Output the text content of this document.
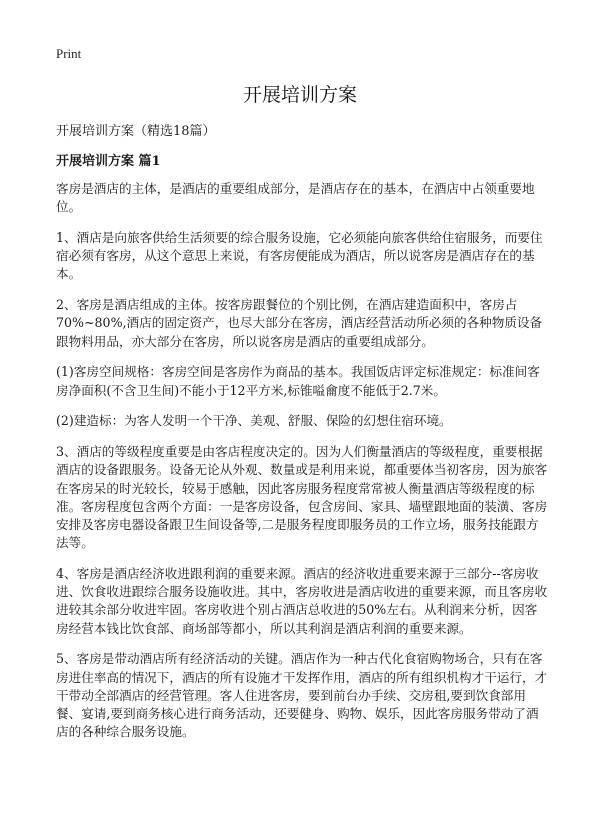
Print
开展培训方案
开展培训方案（精选18篇）
开展培训方案 篇1

客房是酒店的主体，是酒店的重要组成部分，是酒店存在的基本，在酒店中占领重要地位。

1、酒店是向旅客供给生活须要的综合服务设施，它必须能向旅客供给住宿服务，而要住宿必须有客房，从这个意思上来说，有客房便能成为酒店，所以说客房是酒店存在的基本。

2、客房是酒店组成的主体。按客房跟餐位的个别比例，在酒店建造面积中，客房占70%~80%,酒店的固定资产，也尽大部分在客房，酒店经营活动所必须的各种物质设备跟物料用品，亦大部分在客房，所以说客房是酒店的重要组成部分。

(1)客房空间规格：客房空间是客房作为商品的基本。我国饭店评定标准规定：标准间客房净面积(不含卫生间)不能小于12平方米,标锥嗌龠度不能低于2.7米。

(2)建造标：为客人发明一个干净、美观、舒服、保险的幻想住宿环境。

3、酒店的等级程度重要是由客店程度决定的。因为人们衡量酒店的等级程度，重要根据酒店的设备跟服务。设备无论从外观、数量或是利用来说，都重要体当初客房，因为旅客在客房呆的时光较长，较易于感触，因此客房服务程度常常被人衡量酒店等级程度的标准。客房程度包含两个方面：一是客房设备，包含房间、家具、墙壁跟地面的装潢、客房安排及客房电器设备跟卫生间设备等,二是服务程度即服务员的工作立场，服务技能跟方法等。

4、客房是酒店经济收进跟利润的重要来源。酒店的经济收进重要来源于三部分--客房收进、饮食收进跟综合服务设施收进。其中，客房收进是酒店收进的重要来源，而且客房收进较其余部分收进牢固。客房收进个别占酒店总收进的50%左右。从利润来分析，因客房经营本钱比饮食部、商场部等都小，所以其利润是酒店利润的重要来源。

5、客房是带动酒店所有经济活动的关键。酒店作为一种古代化食宿购物场合，只有在客房进住率高的情况下，酒店的所有设施才干发挥作用，酒店的所有组织机构才干运行，才干带动全部酒店的经营管理。客人住进客房，要到前台办手续、交房租,要到饮食部用餐、宴请,要到商务核心进行商务活动，还要健身、购物、娱乐，因此客房服务带动了酒店的各种综合服务设施。
